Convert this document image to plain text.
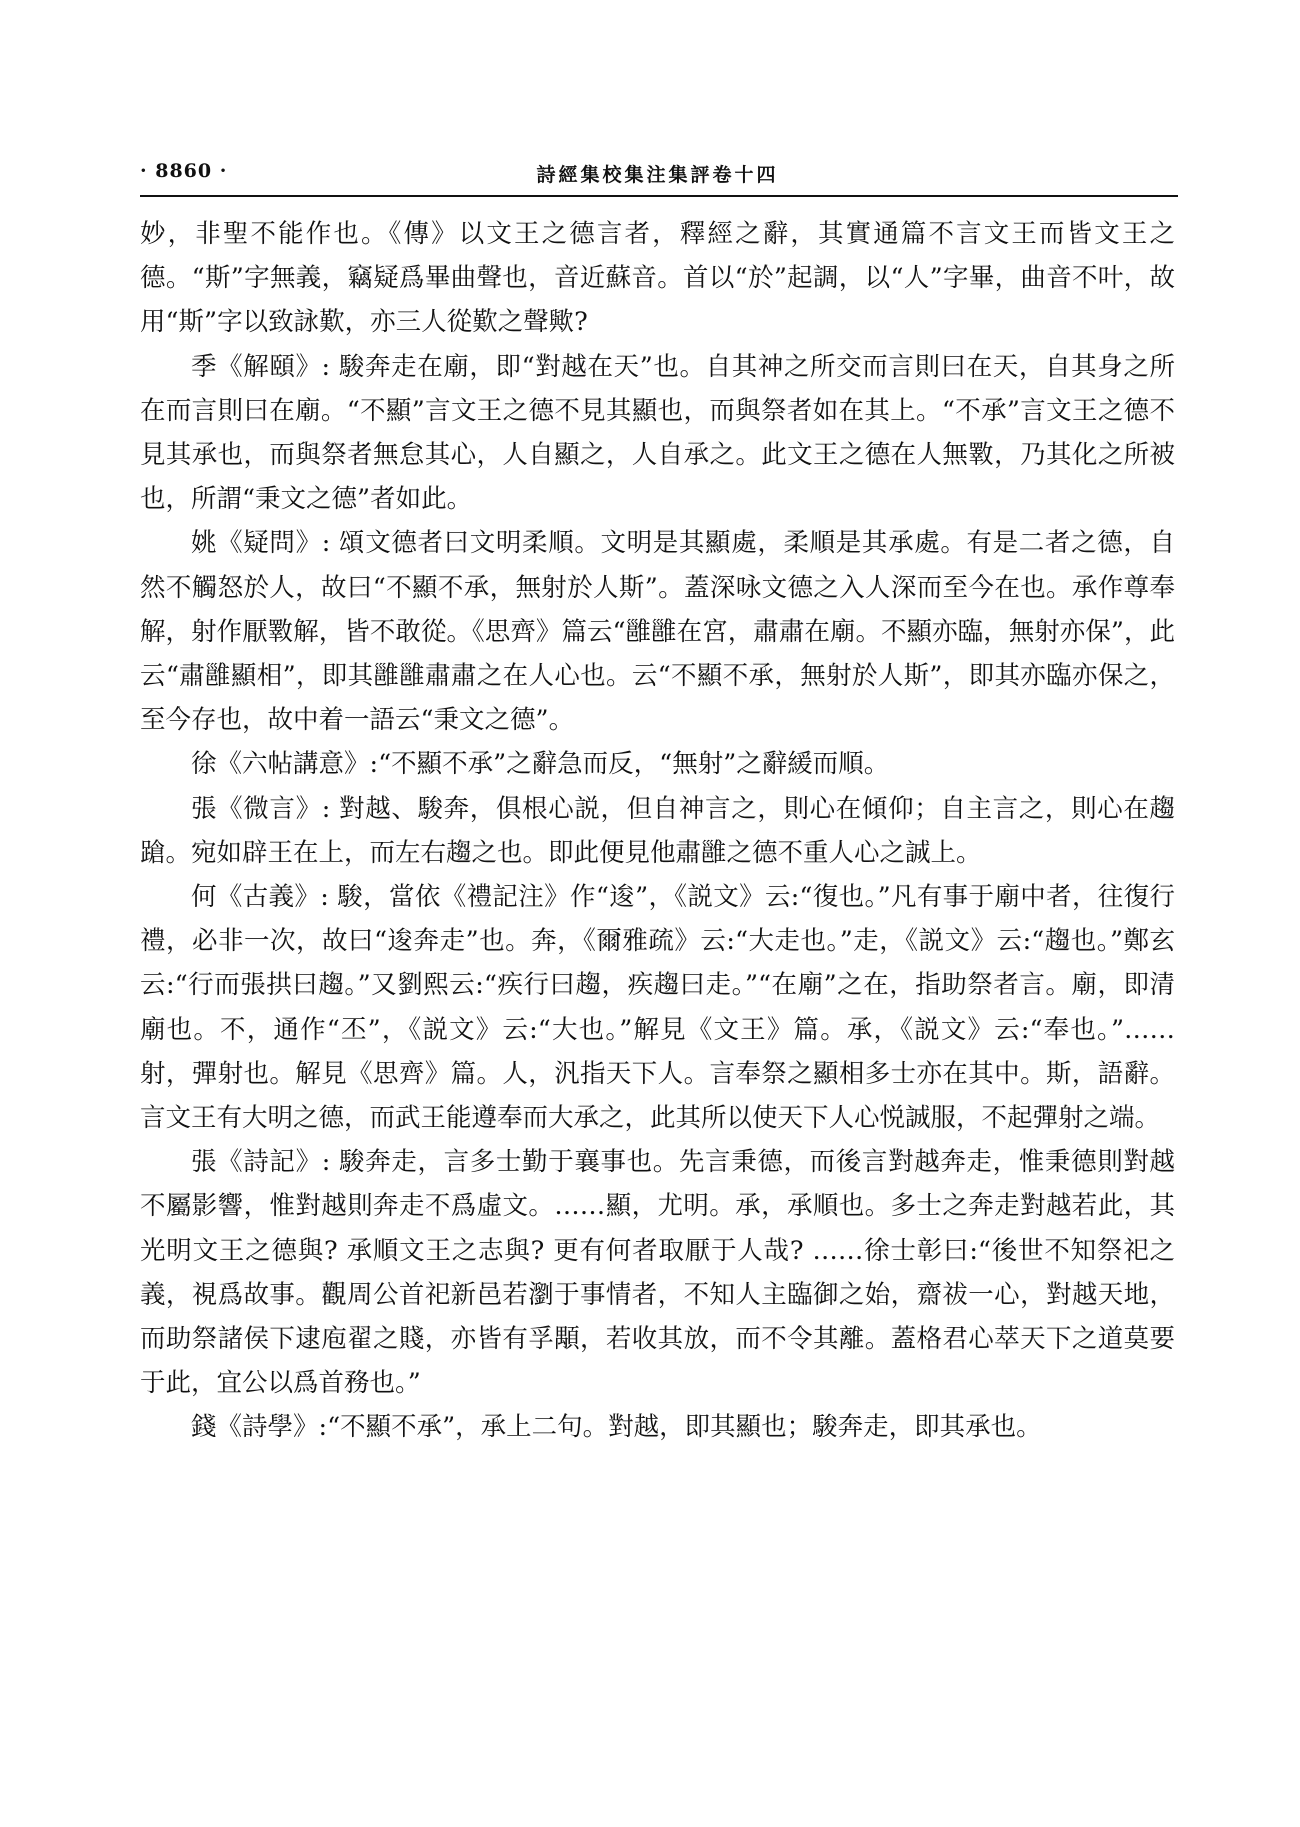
· 8860 ·	詩經集校集注集評卷十四

妙，非聖不能作也。《傳》以文王之德言者，釋經之辭，其實通篇不言文王而皆文王之德。“斯”字無義，竊疑爲畢曲聲也，音近蘇音。首以“於”起調，以“人”字畢，曲音不叶，故用“斯”字以致詠歎，亦三人從歎之聲歟?

季《解頤》: 駿奔走在廟，即“對越在天”也。自其神之所交而言則曰在天，自其身之所在而言則曰在廟。“不顯”言文王之德不見其顯也，而與祭者如在其上。“不承”言文王之德不見其承也，而與祭者無怠其心，人自顯之，人自承之。此文王之德在人無斁，乃其化之所被也，所謂“秉文之德”者如此。

姚《疑問》: 頌文德者曰文明柔順。文明是其顯處，柔順是其承處。有是二者之德，自然不觸怒於人，故曰“不顯不承，無射於人斯”。蓋深咏文德之入人深而至今在也。承作尊奉解，射作厭斁解，皆不敢從。《思齊》篇云“雝雝在宮，肅肅在廟。不顯亦臨，無射亦保”，此云“肅雝顯相”，即其雝雝肅肅之在人心也。云“不顯不承，無射於人斯”，即其亦臨亦保之，至今存也，故中着一語云“秉文之德”。

徐《六帖講意》:“不顯不承”之辭急而反，“無射”之辭緩而順。

張《微言》: 對越、駿奔，俱根心説，但自神言之，則心在傾仰；自主言之，則心在趨蹌。宛如辟王在上，而左右趨之也。即此便見他肅雝之德不重人心之誠上。

何《古義》: 駿，當依《禮記注》作“逡”，《説文》云:“復也。”凡有事于廟中者，往復行禮，必非一次，故曰“逡奔走”也。奔，《爾雅疏》云:“大走也。”走，《説文》云:“趨也。”鄭玄云:“行而張拱曰趨。”又劉熙云:“疾行曰趨，疾趨曰走。”“在廟”之在，指助祭者言。廟，即清廟也。不，通作“丕”，《説文》云:“大也。”解見《文王》篇。承，《説文》云:“奉也。”……射，彈射也。解見《思齊》篇。人，汎指天下人。言奉祭之顯相多士亦在其中。斯，語辭。言文王有大明之德，而武王能遵奉而大承之，此其所以使天下人心悦誠服，不起彈射之端。

張《詩記》: 駿奔走，言多士勤于襄事也。先言秉德，而後言對越奔走，惟秉德則對越不屬影響，惟對越則奔走不爲虛文。……顯，尤明。承，承順也。多士之奔走對越若此，其光明文王之德與? 承順文王之志與? 更有何者取厭于人哉? ……徐士彰曰:“後世不知祭祀之義，視爲故事。觀周公首祀新邑若瀏于事情者，不知人主臨御之始，齋祓一心，對越天地，而助祭諸侯下逮庖翟之賤，亦皆有孚顒，若收其放，而不令其離。蓋格君心萃天下之道莫要于此，宜公以爲首務也。”

錢《詩學》:“不顯不承”，承上二句。對越，即其顯也；駿奔走，即其承也。
